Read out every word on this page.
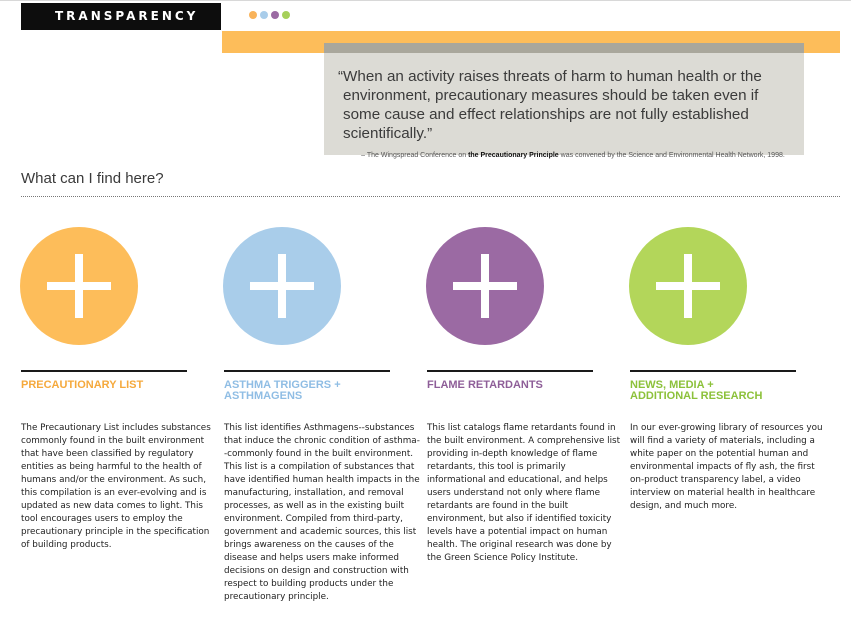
TRANSPARENCY
“When an activity raises threats of harm to human health or the environment, precautionary measures should be taken even if some cause and effect relationships are not fully established scientifically.”
– The Wingspread Conference on the Precautionary Principle was convened by the Science and Environmental Health Network, 1998.
What can I find here?
PRECAUTIONARY LIST
The Precautionary List includes substances commonly found in the built environment that have been classified by regulatory entities as being harmful to the health of humans and/or the environment. As such, this compilation is an ever-evolving and is updated as new data comes to light. This tool encourages users to employ the precautionary principle in the specification of building products.
ASTHMA TRIGGERS + ASTHMAGENS
This list identifies Asthmagens--substances that induce the chronic condition of asthma--commonly found in the built environment. This list is a compilation of substances that have identified human health impacts in the manufacturing, installation, and removal processes, as well as in the existing built environment. Compiled from third-party, government and academic sources, this list brings awareness on the causes of the disease and helps users make informed decisions on design and construction with respect to building products under the precautionary principle.
FLAME RETARDANTS
This list catalogs flame retardants found in the built environment. A comprehensive list providing in-depth knowledge of flame retardants, this tool is primarily informational and educational, and helps users understand not only where flame retardants are found in the built environment, but also if identified toxicity levels have a potential impact on human health. The original research was done by the Green Science Policy Institute.
NEWS, MEDIA + ADDITIONAL RESEARCH
In our ever-growing library of resources you will find a variety of materials, including a white paper on the potential human and environmental impacts of fly ash, the first on-product transparency label, a video interview on material health in healthcare design, and much more.
